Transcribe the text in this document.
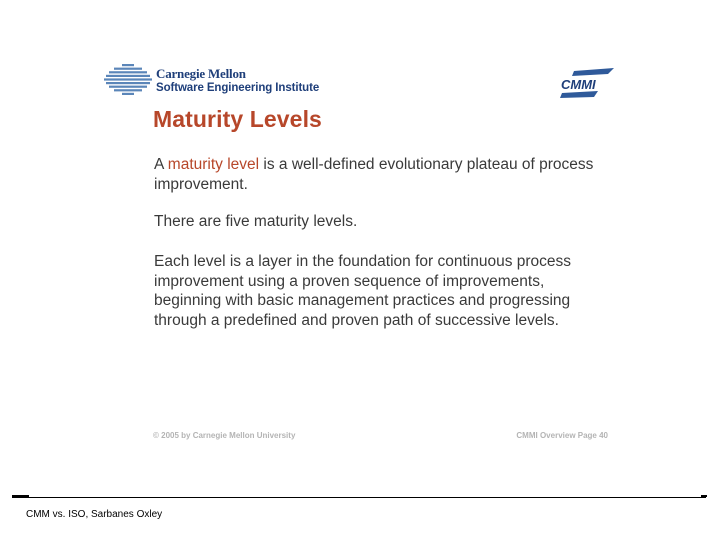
Carnegie Mellon
Software Engineering Institute	CMMI
Maturity Levels
A maturity level is a well-defined evolutionary plateau of process improvement.
There are five maturity levels.
Each level is a layer in the foundation for continuous process improvement using a proven sequence of improvements, beginning with basic management practices and progressing through a predefined and proven path of successive levels.
© 2005 by Carnegie Mellon University	CMMI Overview Page 40
CMM vs. ISO, Sarbanes Oxley
